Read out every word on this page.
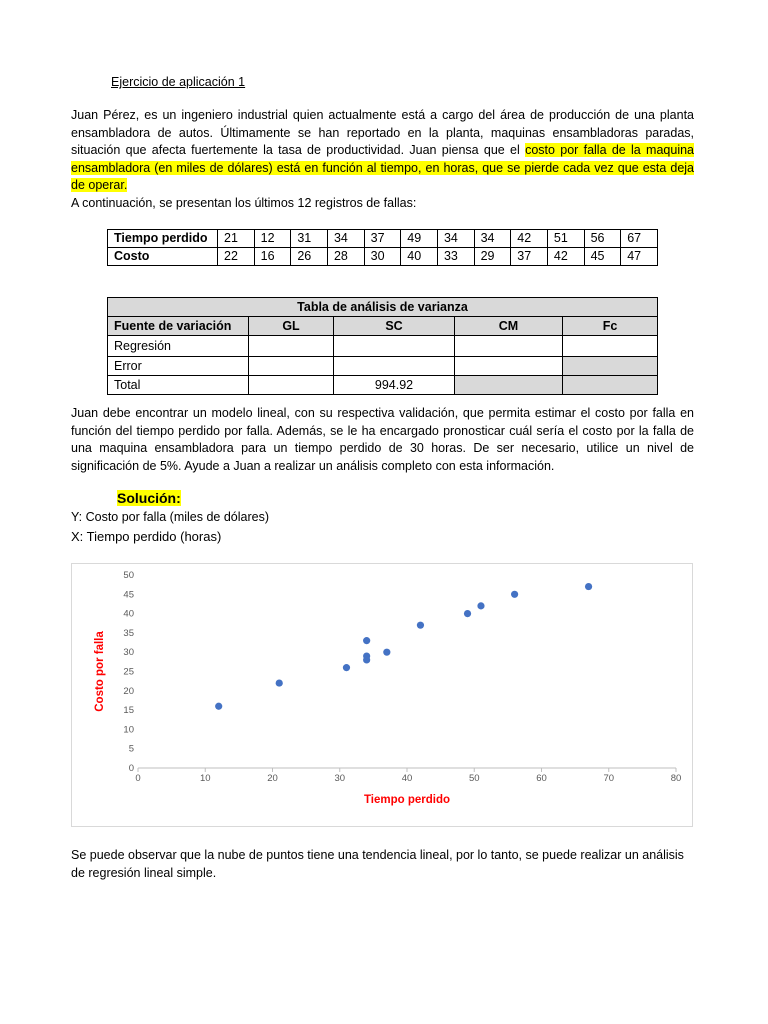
Ejercicio de aplicación 1
Juan Pérez, es un ingeniero industrial quien actualmente está a cargo del área de producción de una planta ensambladora de autos. Últimamente se han reportado en la planta, maquinas ensambladoras paradas, situación que afecta fuertemente la tasa de productividad. Juan piensa que el costo por falla de la maquina ensambladora (en miles de dólares) está en función al tiempo, en horas, que se pierde cada vez que esta deja de operar.
A continuación, se presentan los últimos 12 registros de fallas:
Tiempo perdido	21	12	31	34	37	49	34	34	42	51	56	67
Costo	22	16	26	28	30	40	33	29	37	42	45	47
Tabla de análisis de varianza				
Fuente de variación	GL	SC	CM	Fc
Regresión				
Error				
Total		994.92		
Juan debe encontrar un modelo lineal, con su respectiva validación, que permita estimar el costo por falla en función del tiempo perdido por falla. Además, se le ha encargado pronosticar cuál sería el costo por la falla de una maquina ensambladora para un tiempo perdido de 30 horas. De ser necesario, utilice un nivel de significación de 5%. Ayude a Juan a realizar un análisis completo con esta información.
Solución:
Y: Costo por falla (miles de dólares)
X: Tiempo perdido (horas)
0	10	20	30	40	50	60	70	80
0
5
10
15
20
25
30
35
40
45
50
Tiempo perdido
Costo por falla
Se puede observar que la nube de puntos tiene una tendencia lineal, por lo tanto, se puede realizar un análisis de regresión lineal simple.
